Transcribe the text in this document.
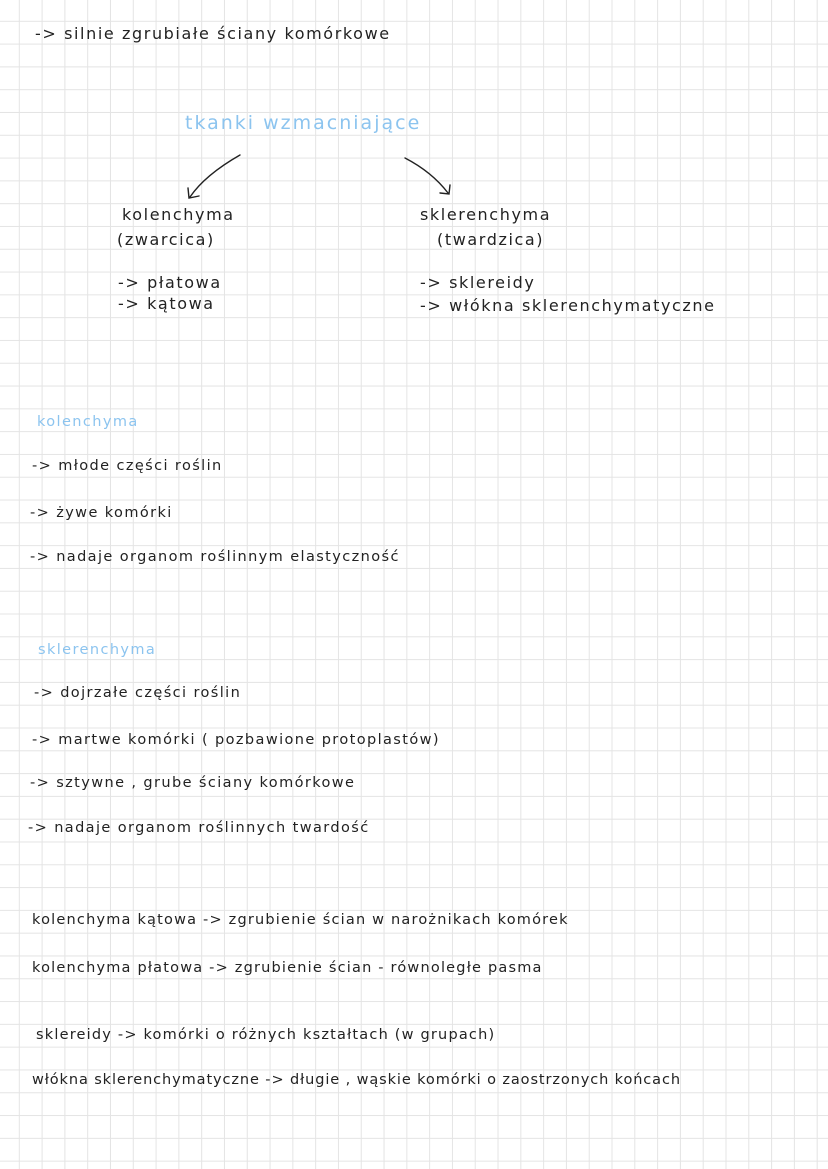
-> silnie zgrubiałe ściany komórkowe
tkanki wzmacniające
kolenchyma
(zwarcica)
-> płatowa
-> kątowa
sklerenchyma
(twardzica)
-> sklereidy
-> włókna sklerenchymatyczne
kolenchyma
-> młode części roślin
-> żywe komórki
-> nadaje organom roślinnym elastyczność
sklerenchyma
-> dojrzałe części roślin
-> martwe komórki ( pozbawione protoplastów)
-> sztywne , grube ściany komórkowe
-> nadaje organom roślinnych twardość
kolenchyma kątowa -> zgrubienie ścian w narożnikach komórek
kolenchyma płatowa -> zgrubienie ścian - równoległe pasma
sklereidy -> komórki o różnych kształtach (w grupach)
włókna sklerenchymatyczne -> długie , wąskie komórki o zaostrzonych końcach
